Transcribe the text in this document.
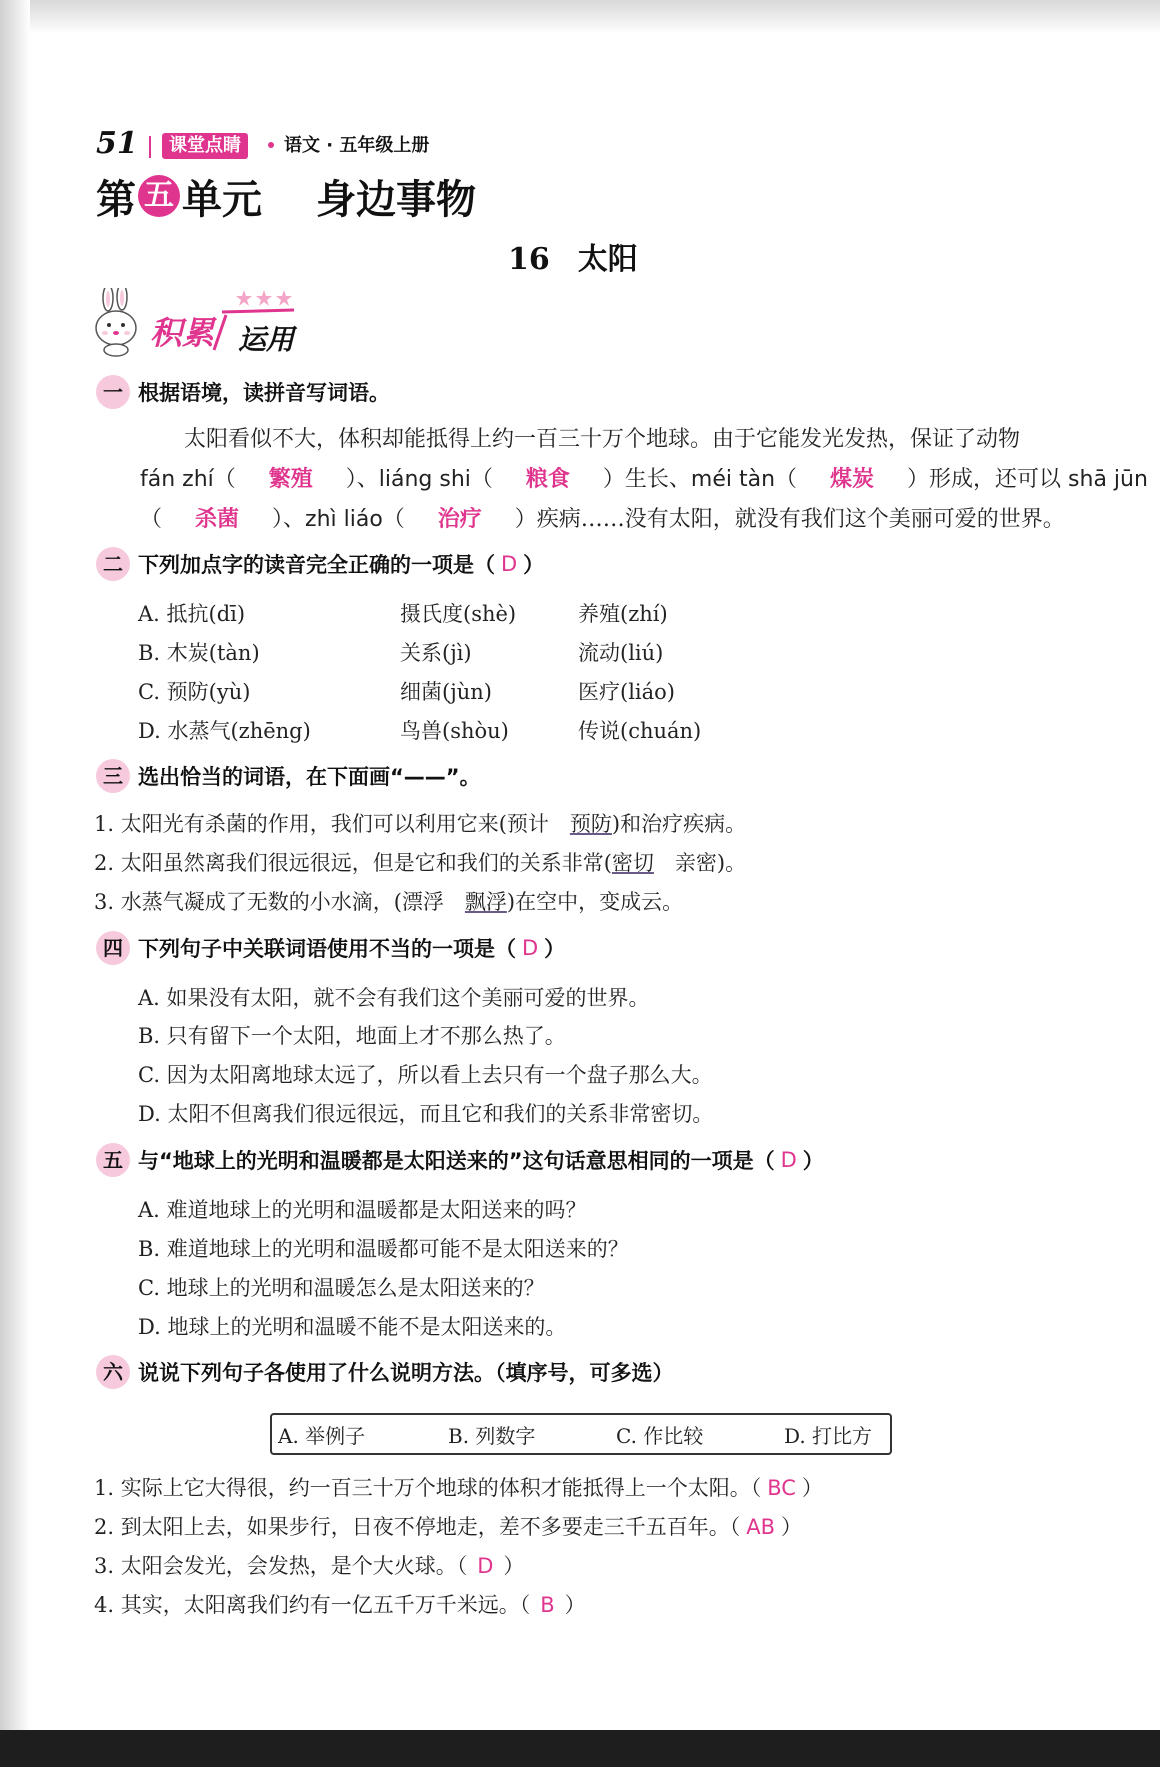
51	课堂点睛	语文 · 五年级上册
第 五 单元 身边事物
16 太阳
积累 运用
一 根据语境，读拼音写词语。
太阳看似不大，体积却能抵得上约一百三十万个地球。由于它能发光发热，保证了动物
fán zhí（ 繁殖 ）、liáng shi（ 粮食 ）生长、méi tàn（ 煤炭 ）形成，还可以 shā jūn
（ 杀菌 ）、zhì liáo（ 治疗 ）疾病……没有太阳，就没有我们这个美丽可爱的世界。
二 下列加点字的读音完全正确的一项是（ D ）
A. 抵抗(dī)	摄氏度(shè)	养殖(zhí)
B. 木炭(tàn)	关系(jì)	流动(liú)
C. 预防(yù)	细菌(jùn)	医疗(liáo)
D. 水蒸气(zhēng)	鸟兽(shòu)	传说(chuán)
三 选出恰当的词语，在下面画“——”。
1. 太阳光有杀菌的作用，我们可以利用它来(预计　预防)和治疗疾病。
2. 太阳虽然离我们很远很远，但是它和我们的关系非常(密切　亲密)。
3. 水蒸气凝成了无数的小水滴，(漂浮　飘浮)在空中，变成云。
四 下列句子中关联词语使用不当的一项是（ D ）
A. 如果没有太阳，就不会有我们这个美丽可爱的世界。
B. 只有留下一个太阳，地面上才不那么热了。
C. 因为太阳离地球太远了，所以看上去只有一个盘子那么大。
D. 太阳不但离我们很远很远，而且它和我们的关系非常密切。
五 与“地球上的光明和温暖都是太阳送来的”这句话意思相同的一项是（ D ）
A. 难道地球上的光明和温暖都是太阳送来的吗？
B. 难道地球上的光明和温暖都可能不是太阳送来的？
C. 地球上的光明和温暖怎么是太阳送来的？
D. 地球上的光明和温暖不能不是太阳送来的。
六 说说下列句子各使用了什么说明方法。（填序号，可多选）
A. 举例子	B. 列数字	C. 作比较	D. 打比方
1. 实际上它大得很，约一百三十万个地球的体积才能抵得上一个太阳。（ BC ）
2. 到太阳上去，如果步行，日夜不停地走，差不多要走三千五百年。（ AB ）
3. 太阳会发光，会发热，是个大火球。（ D ）
4. 其实，太阳离我们约有一亿五千万千米远。（ B ）
